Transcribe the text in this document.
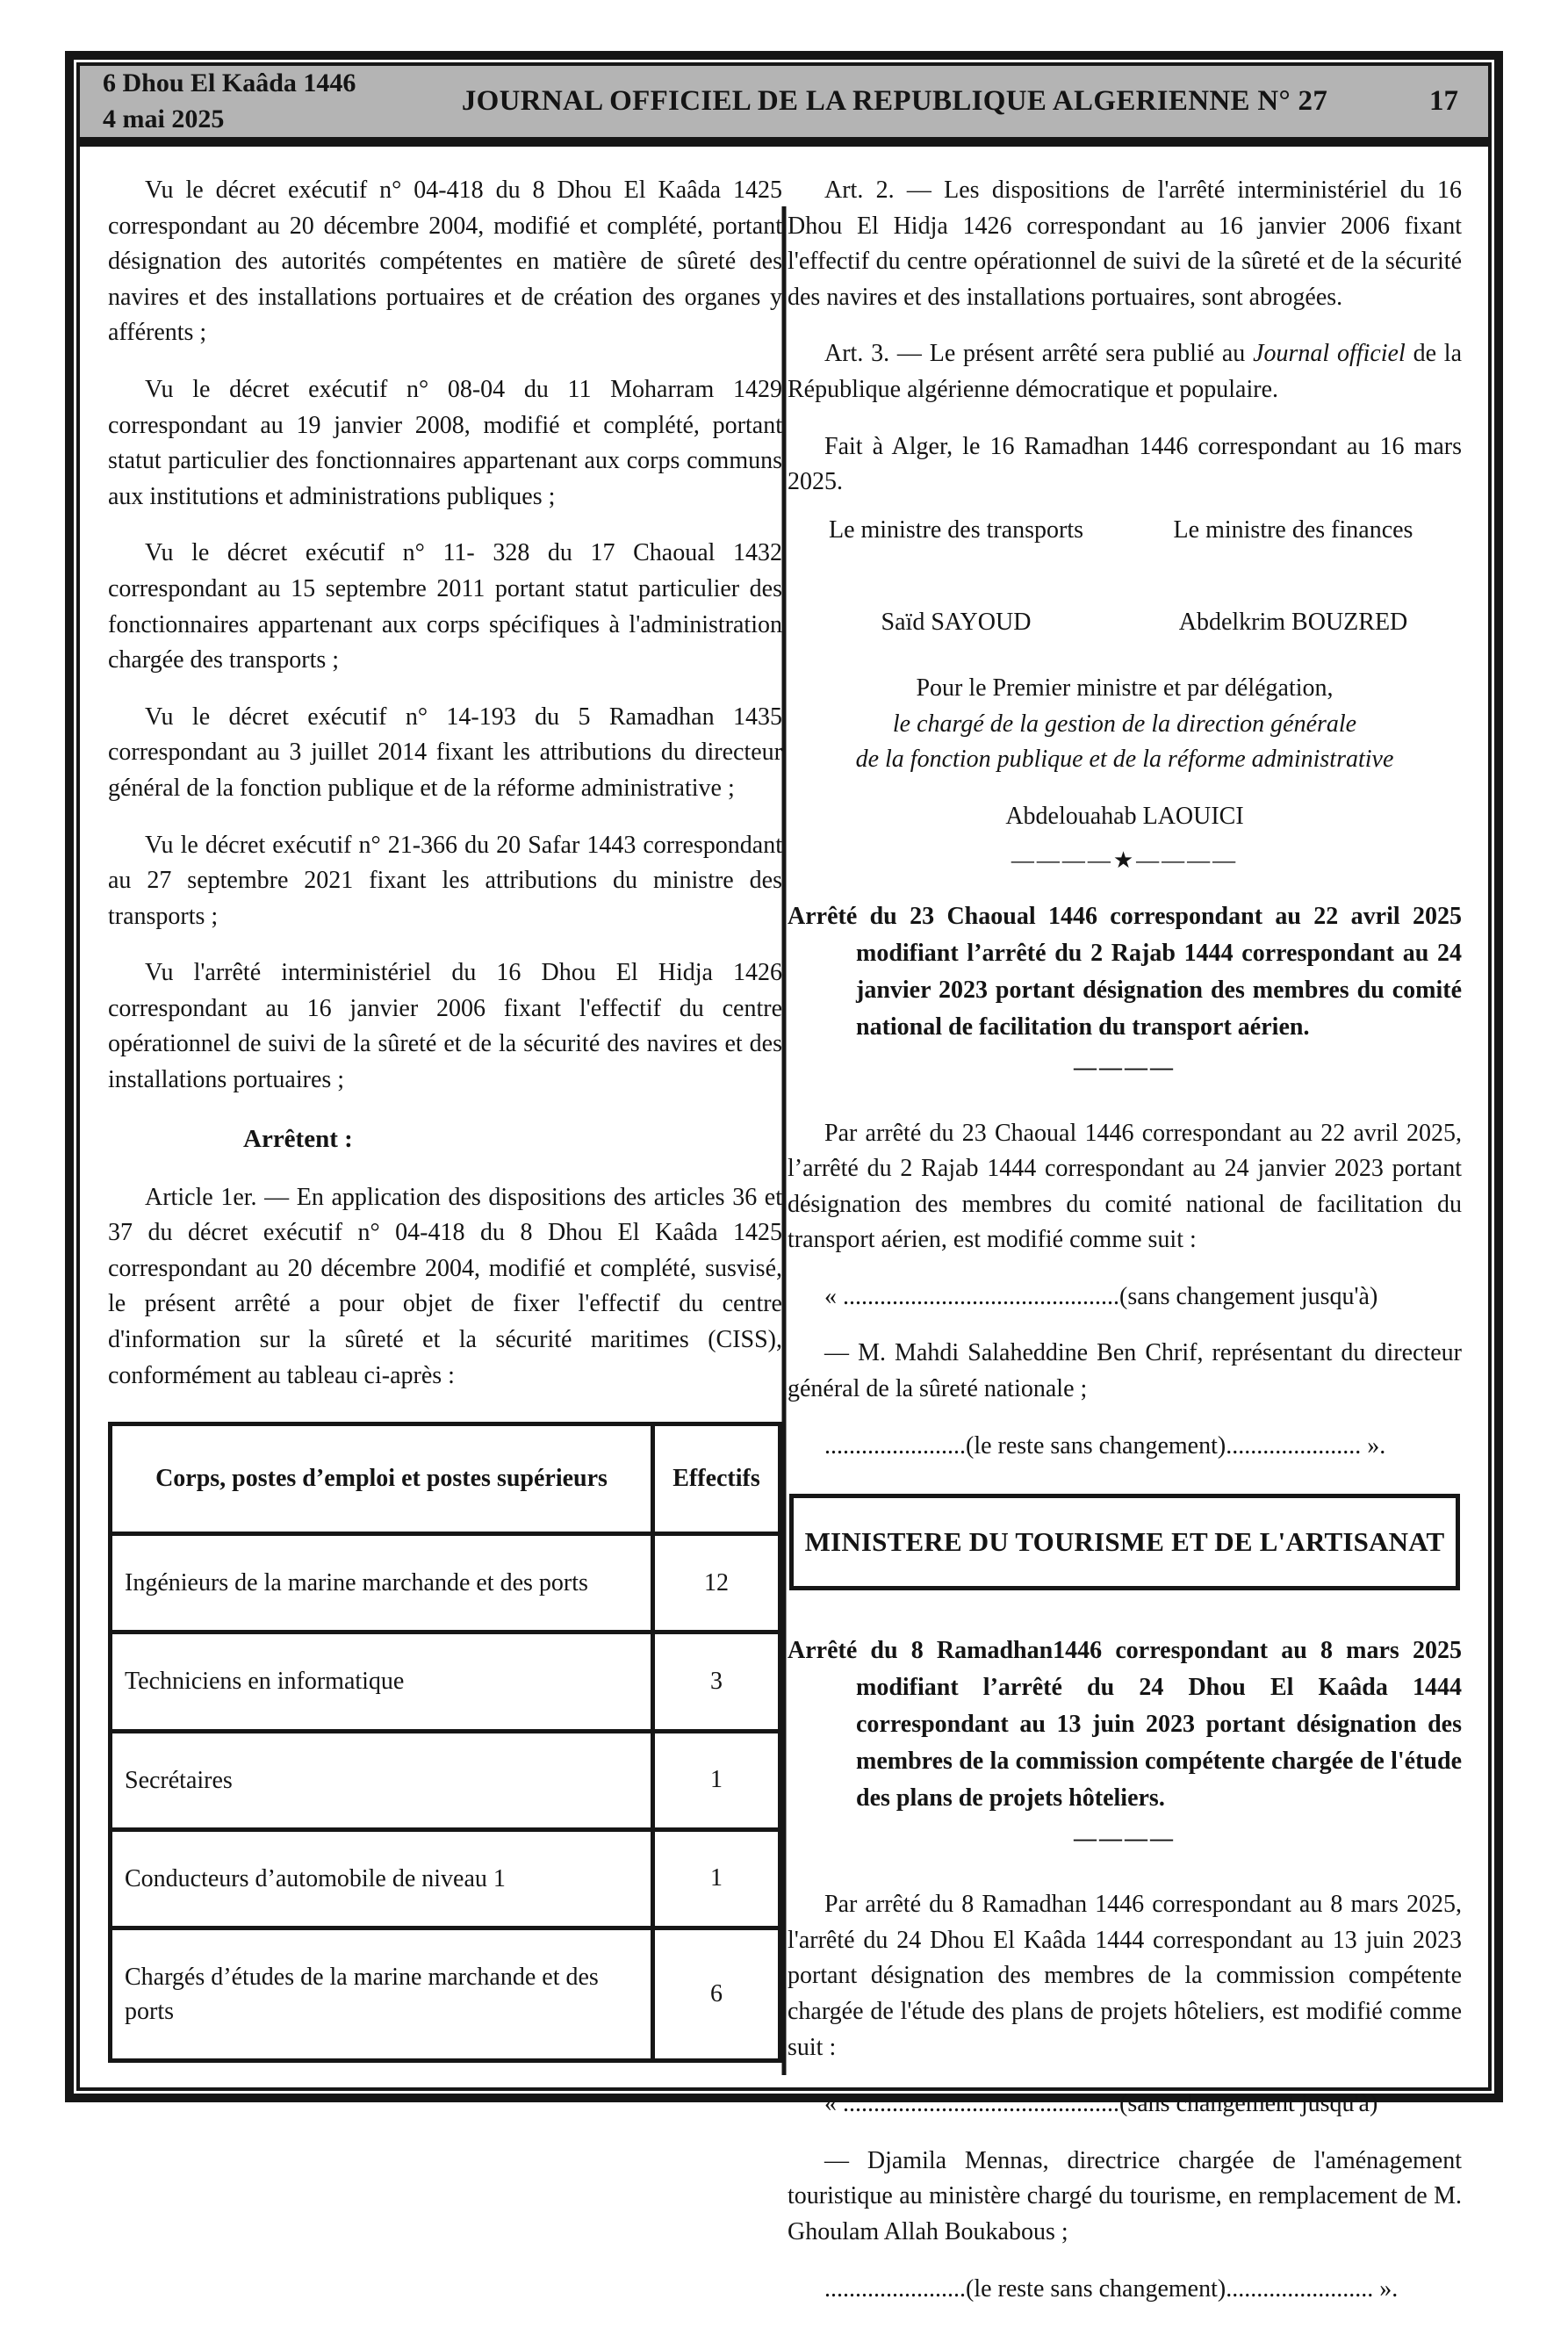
6 Dhou El Kaâda 1446
4 mai 2025
JOURNAL OFFICIEL DE LA REPUBLIQUE ALGERIENNE N° 27	17

Vu le décret exécutif n° 04-418 du 8 Dhou El Kaâda 1425 correspondant au 20 décembre 2004, modifié et complété, portant désignation des autorités compétentes en matière de sûreté des navires et des installations portuaires et de création des organes y afférents ;

Vu le décret exécutif n° 08-04 du 11 Moharram 1429 correspondant au 19 janvier 2008, modifié et complété, portant statut particulier des fonctionnaires appartenant aux corps communs aux institutions et administrations publiques ;

Vu le décret exécutif n° 11- 328 du 17 Chaoual 1432 correspondant au 15 septembre 2011 portant statut particulier des fonctionnaires appartenant aux corps spécifiques à l'administration chargée des transports ;

Vu le décret exécutif n° 14-193 du 5 Ramadhan 1435 correspondant au 3 juillet 2014 fixant les attributions du directeur général de la fonction publique et de la réforme administrative ;

Vu le décret exécutif n° 21-366 du 20 Safar 1443 correspondant au 27 septembre 2021 fixant les attributions du ministre des transports ;

Vu l'arrêté interministériel du 16 Dhou El Hidja 1426 correspondant au 16 janvier 2006 fixant l'effectif du centre opérationnel de suivi de la sûreté et de la sécurité des navires et des installations portuaires ;

Arrêtent :

Article 1er. — En application des dispositions des articles 36 et 37 du décret exécutif n° 04-418 du 8 Dhou El Kaâda 1425 correspondant au 20 décembre 2004, modifié et complété, susvisé, le présent arrêté a pour objet de fixer l'effectif du centre d'information sur la sûreté et la sécurité maritimes (CISS), conformément au tableau ci-après :

Corps, postes d’emploi et postes supérieurs	Effectifs
Ingénieurs de la marine marchande et des ports	12
Techniciens en informatique	3
Secrétaires	1
Conducteurs d’automobile de niveau 1	1
Chargés d’études de la marine marchande et des ports	6

Art. 2. — Les dispositions de l'arrêté interministériel du 16 Dhou El Hidja 1426 correspondant au 16 janvier 2006 fixant l'effectif du centre opérationnel de suivi de la sûreté et de la sécurité des navires et des installations portuaires, sont abrogées.

Art. 3. — Le présent arrêté sera publié au Journal officiel de la République algérienne démocratique et populaire.

Fait à Alger, le 16 Ramadhan 1446 correspondant au 16 mars 2025.

Le ministre des transports	Le ministre des finances
Saïd SAYOUD	Abdelkrim BOUZRED

Pour le Premier ministre et par délégation,

le chargé de la gestion de la direction générale

de la fonction publique et de la réforme administrative

Abdelouahab LAOUICI

————★————
Arrêté du 23 Chaoual 1446 correspondant au 22 avril 2025 modifiant l’arrêté du 2 Rajab 1444 correspondant au 24 janvier 2023 portant désignation des membres du comité national de facilitation du transport aérien.
————

Par arrêté du 23 Chaoual 1446 correspondant au 22 avril 2025, l’arrêté du 2 Rajab 1444 correspondant au 24 janvier 2023 portant désignation des membres du comité national de facilitation du transport aérien, est modifié comme suit :

« .............................................(sans changement jusqu'à)

— M. Mahdi Salaheddine Ben Chrif, représentant du directeur général de la sûreté nationale ;

.......................(le reste sans changement)...................... ».

MINISTERE DU TOURISME ET DE L'ARTISANAT
Arrêté du 8 Ramadhan1446 correspondant au 8 mars 2025 modifiant l’arrêté du 24 Dhou El Kaâda 1444 correspondant au 13 juin 2023 portant désignation des membres de la commission compétente chargée de l'étude des plans de projets hôteliers.
————

Par arrêté du 8 Ramadhan 1446 correspondant au 8 mars 2025, l'arrêté du 24 Dhou El Kaâda 1444 correspondant au 13 juin 2023 portant désignation des membres de la commission compétente chargée de l'étude des plans de projets hôteliers, est modifié comme suit :

« .............................................(sans changement jusqu'à)

— Djamila Mennas, directrice chargée de l'aménagement touristique au ministère chargé du tourisme, en remplacement de M. Ghoulam Allah Boukabous ;

.......................(le reste sans changement)........................ ».
